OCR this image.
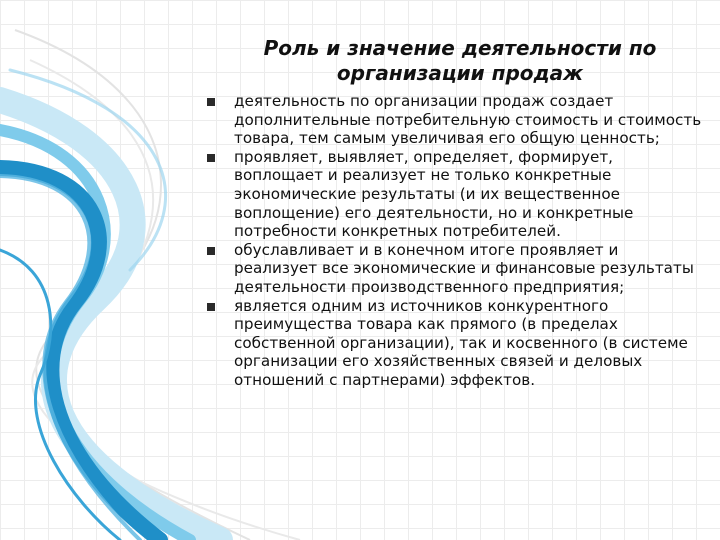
Роль и значение деятельности по организации продаж
деятельность по организации продаж создает дополнительные потребительную стоимость и стоимость товара, тем самым увеличивая его общую ценность;
проявляет, выявляет, определяет, формирует, воплощает и реализует не только конкретные экономические результаты (и их вещественное воплощение) его деятельности, но и конкретные потребности конкретных потребителей.
обуславливает и в конечном итоге проявляет и реализует все экономические и финансовые результаты деятельности производственного предприятия;
является одним из источников конкурентного преимущества товара как прямого (в пределах собственной организации), так и косвенного (в системе организации его хозяйственных связей и деловых отношений с партнерами) эффектов.
